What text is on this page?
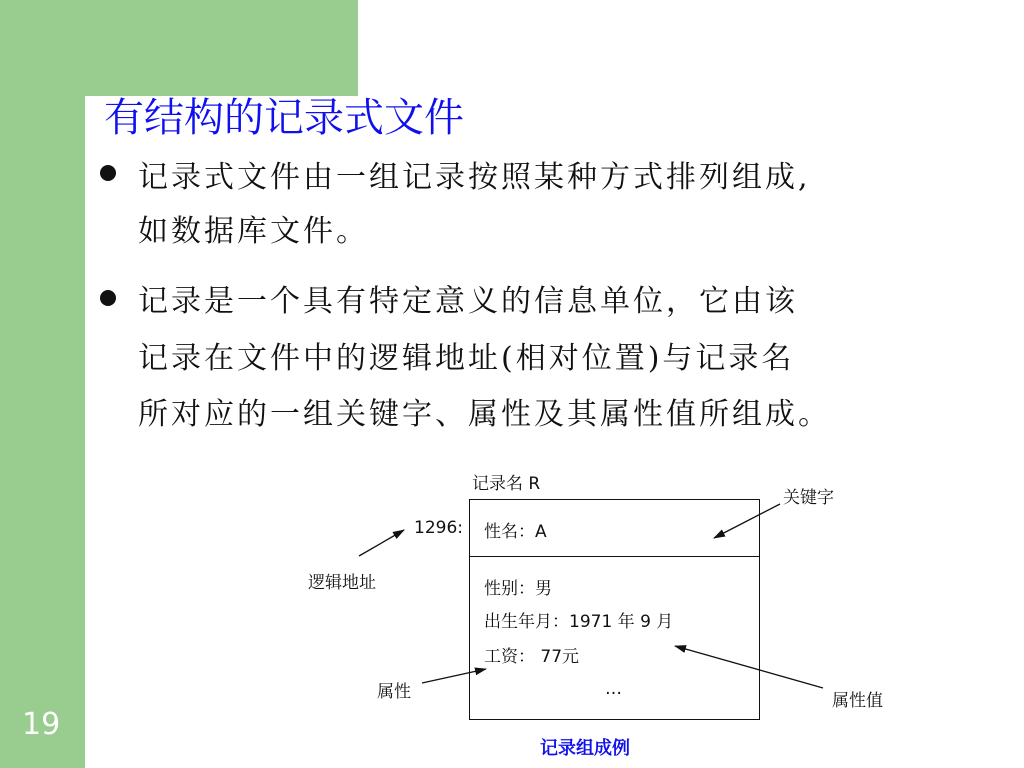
有结构的记录式文件
记录式文件由一组记录按照某种方式排列组成,
如数据库文件。
记录是一个具有特定意义的信息单位，它由该
记录在文件中的逻辑地址(相对位置)与记录名
所对应的一组关键字、属性及其属性值所组成。
记录名 R
1296: 性名：A
性别：男
出生年月：1971 年 9 月
工资： 77元
…
逻辑地址
关键字
属性	属性值
记录组成例
19
